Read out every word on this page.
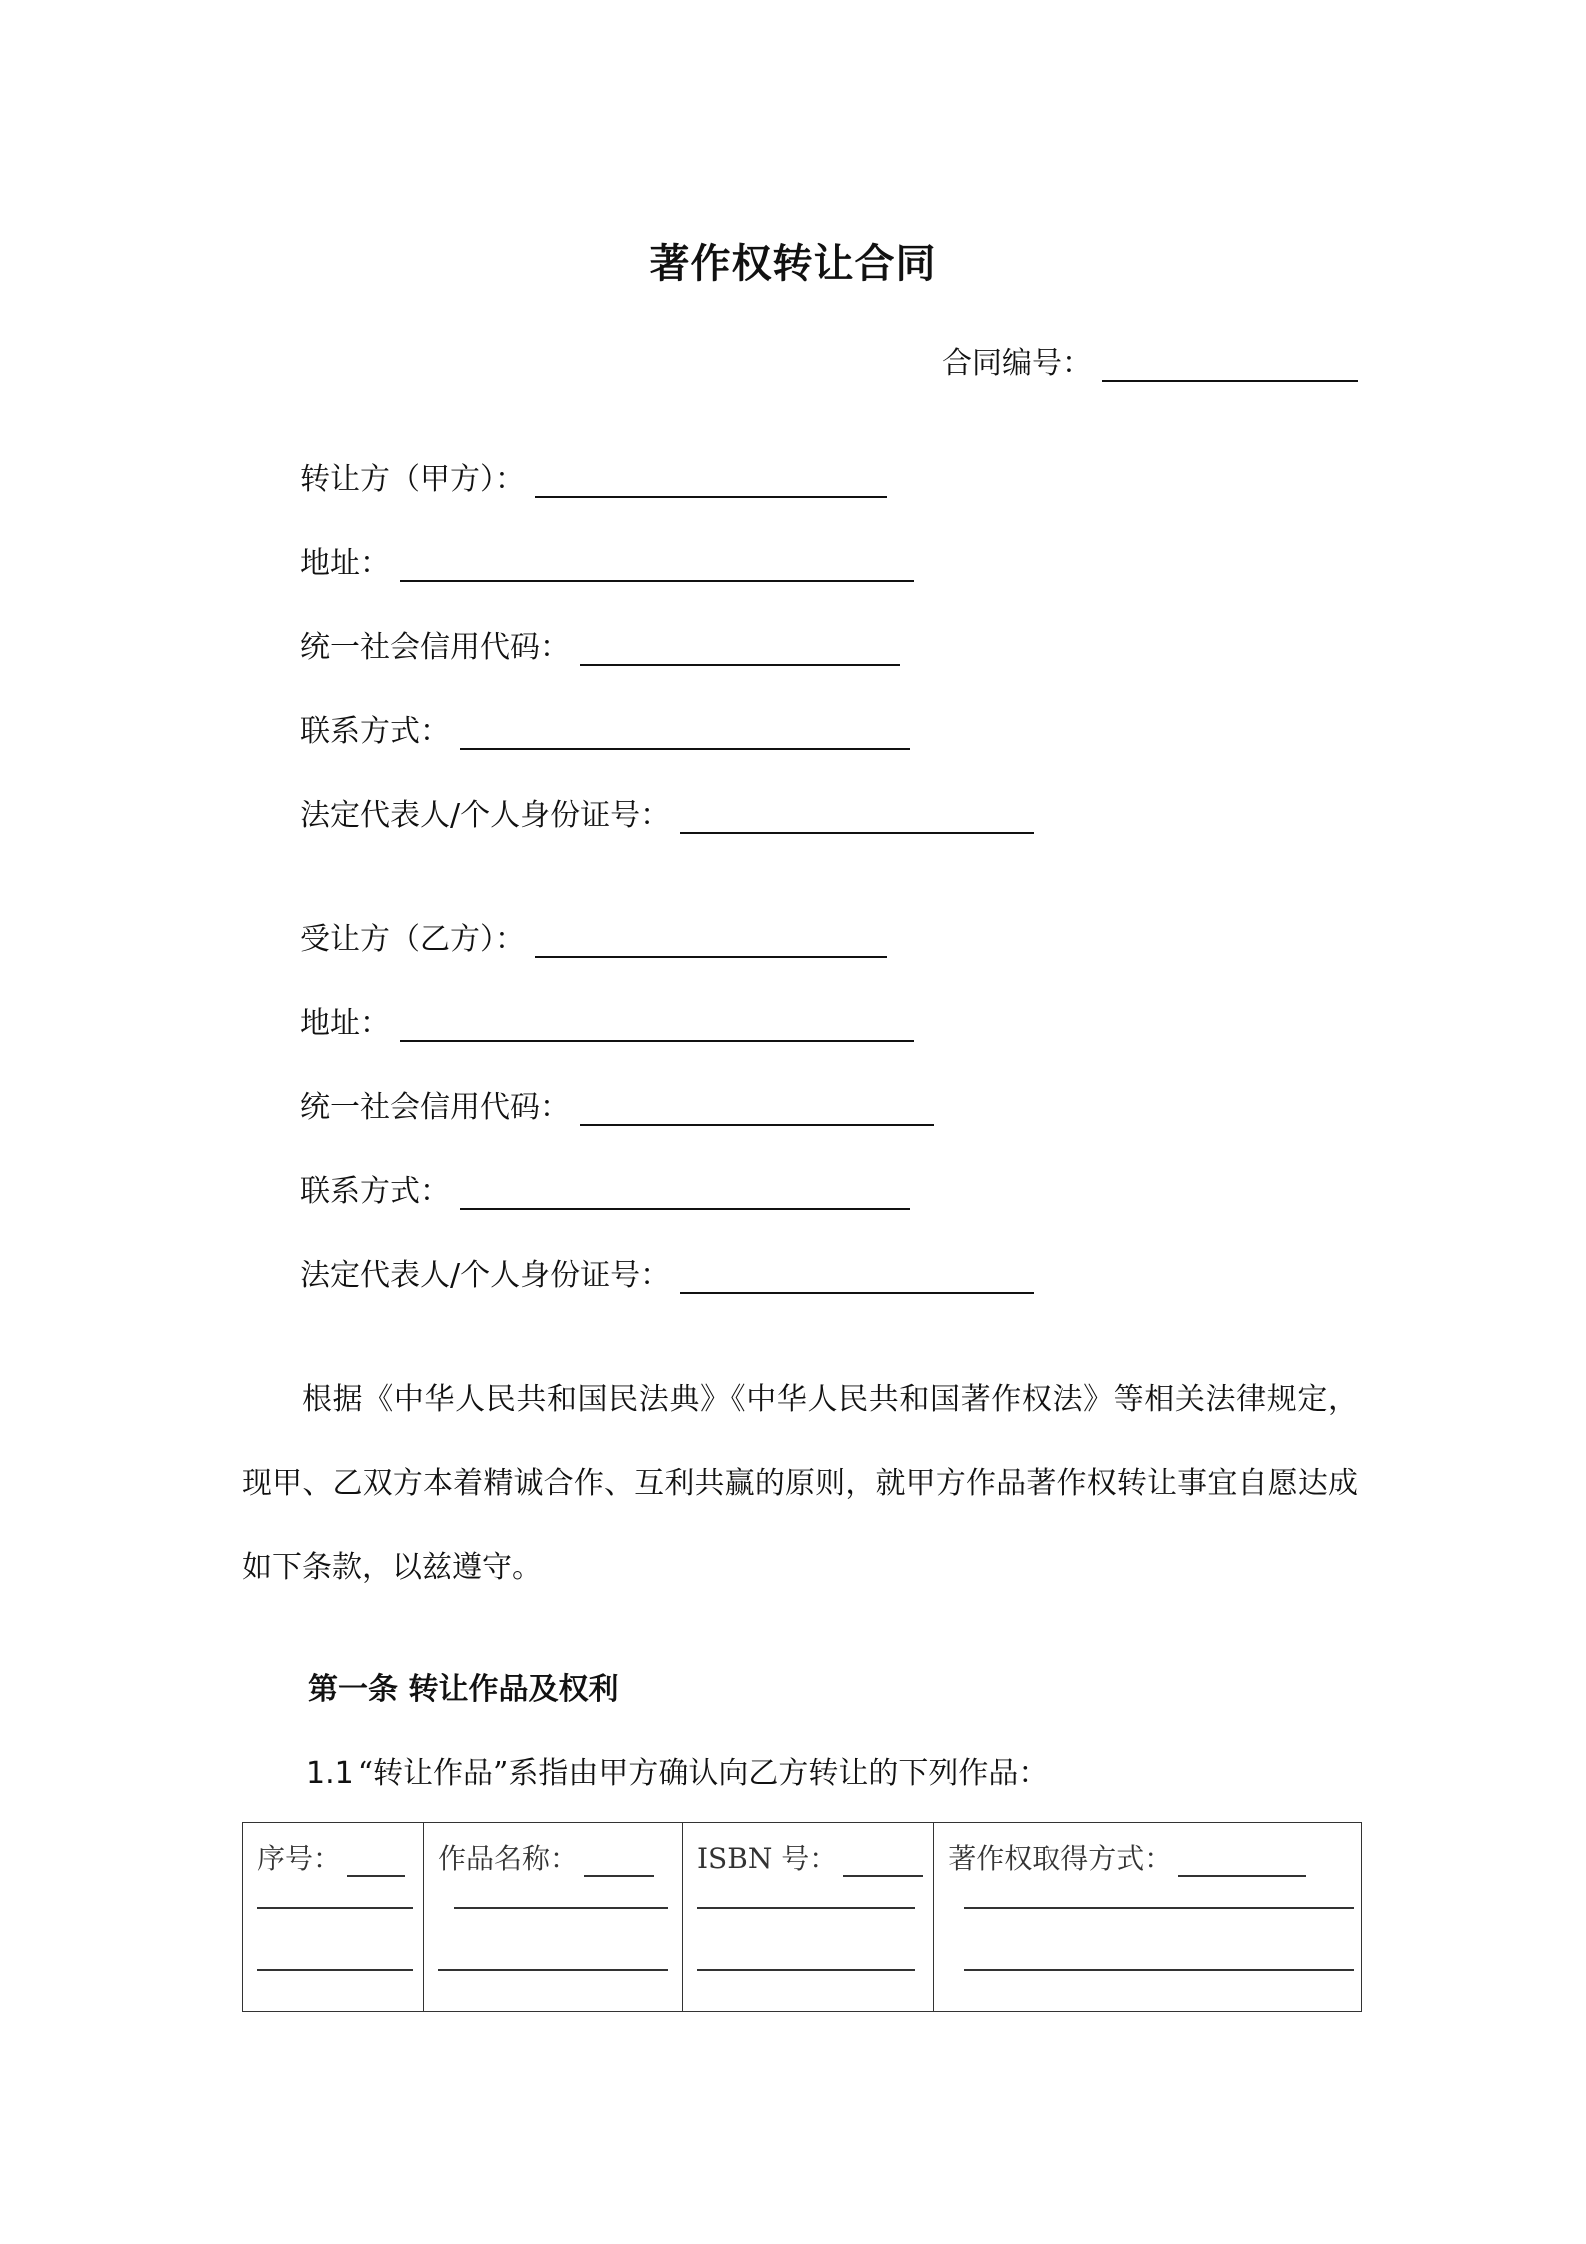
著作权转让合同
合同编号：
转让方（甲方）：
地址：
统一社会信用代码：
联系方式：
法定代表人/个人身份证号：
受让方（乙方）：
地址：
统一社会信用代码：
联系方式：
法定代表人/个人身份证号：

根据《中华人民共和国民法典》《中华人民共和国著作权法》等相关法律规定，现甲、乙双方本着精诚合作、互利共赢的原则，就甲方作品著作权转让事宜自愿达成如下条款，以兹遵守。

第一条 转让作品及权利
1.1 “转让作品”系指由甲方确认向乙方转让的下列作品：
序号：	作品名称：	ISBN 号：	著作权取得方式：
